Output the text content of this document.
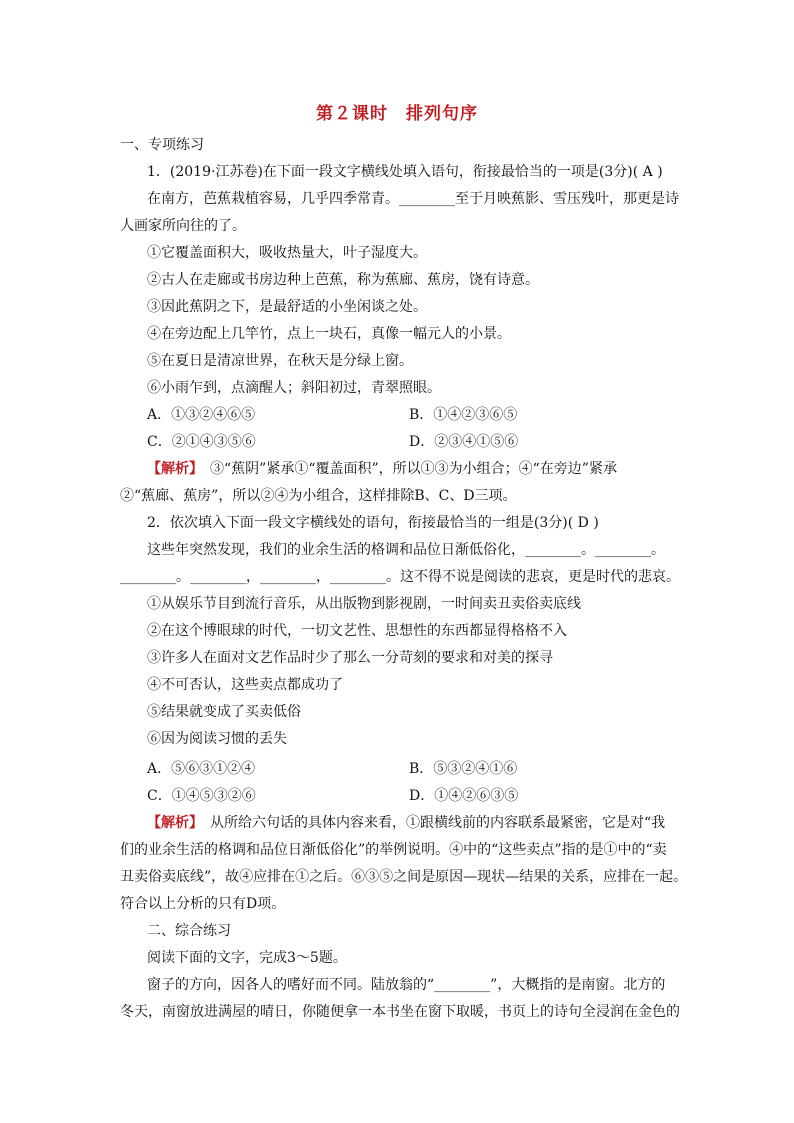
第２课时　排列句序
一、专项练习
1．(2019·江苏卷)在下面一段文字横线处填入语句，衔接最恰当的一项是(3分)( A )
在南方，芭蕉栽植容易，几乎四季常青。________至于月映蕉影、雪压残叶，那更是诗
人画家所向往的了。
①它覆盖面积大，吸收热量大，叶子湿度大。
②古人在走廊或书房边种上芭蕉，称为蕉廊、蕉房，饶有诗意。
③因此蕉阴之下，是最舒适的小坐闲谈之处。
④在旁边配上几竿竹，点上一块石，真像一幅元人的小景。
⑤在夏日是清凉世界，在秋天是分绿上窗。
⑥小雨乍到，点滴醒人；斜阳初过，青翠照眼。
A．①③②④⑥⑤	B．①④②③⑥⑤
C．②①④③⑤⑥	D．②③④①⑤⑥
【解析】　③“蕉阴”紧承①“覆盖面积”，所以①③为小组合；④“在旁边”紧承
②“蕉廊、蕉房”，所以②④为小组合，这样排除B、C、D三项。
2．依次填入下面一段文字横线处的语句，衔接最恰当的一组是(3分)( D )
这些年突然发现，我们的业余生活的格调和品位日渐低俗化，________。________。
________。________，________，________。这不得不说是阅读的悲哀，更是时代的悲哀。
①从娱乐节目到流行音乐，从出版物到影视剧，一时间卖丑卖俗卖底线
②在这个博眼球的时代，一切文艺性、思想性的东西都显得格格不入
③许多人在面对文艺作品时少了那么一分苛刻的要求和对美的探寻
④不可否认，这些卖点都成功了
⑤结果就变成了买卖低俗
⑥因为阅读习惯的丢失
A．⑤⑥③①②④	B．⑤③②④①⑥
C．①④⑤③②⑥	D．①④②⑥③⑤
【解析】　从所给六句话的具体内容来看，①跟横线前的内容联系最紧密，它是对“我
们的业余生活的格调和品位日渐低俗化”的举例说明。④中的“这些卖点”指的是①中的“卖
丑卖俗卖底线”，故④应排在①之后。⑥③⑤之间是原因—现状—结果的关系，应排在一起。
符合以上分析的只有D项。
二、综合练习
阅读下面的文字，完成3～5题。
窗子的方向，因各人的嗜好而不同。陆放翁的“________”，大概指的是南窗。北方的
冬天，南窗放进满屋的晴日，你随便拿一本书坐在窗下取暖，书页上的诗句全浸润在金色的
